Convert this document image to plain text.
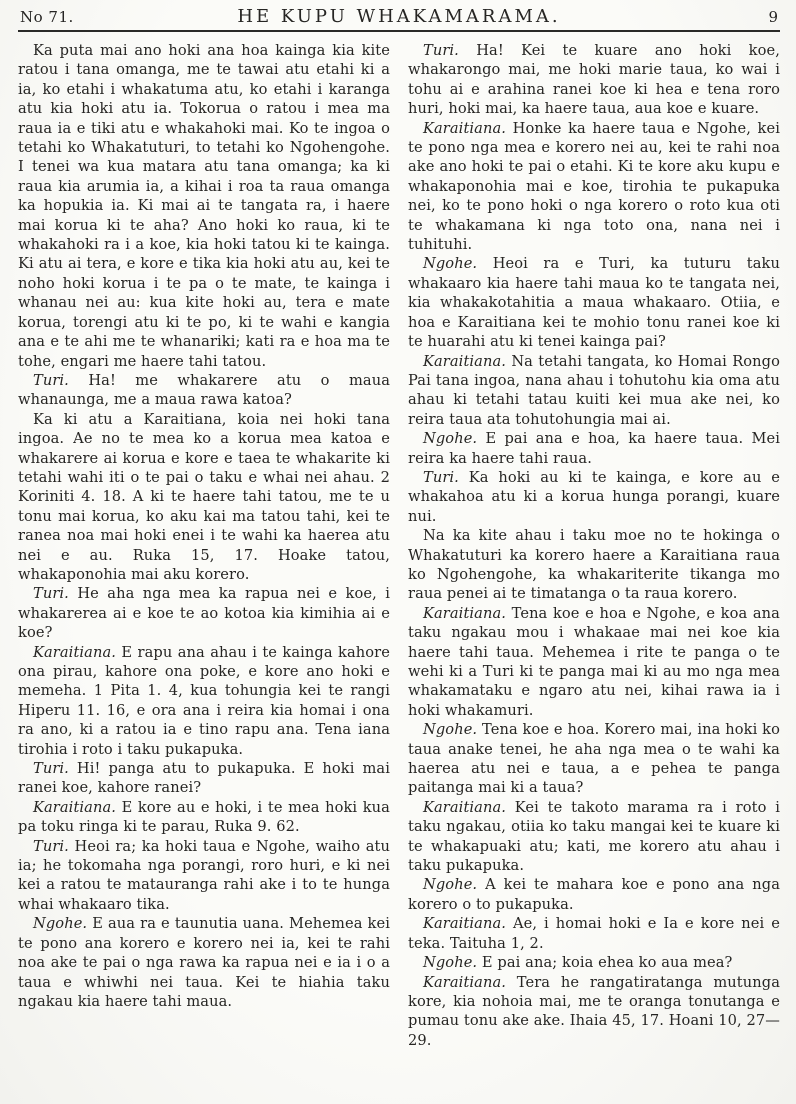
No 71.	HE KUPU WHAKAMARAMA.	9

Ka puta mai ano hoki ana hoa kainga kia kite ratou i tana omanga, me te tawai atu etahi ki a ia, ko etahi i whakatuma atu, ko etahi i karanga atu kia hoki atu ia. Tokorua o ratou i mea ma raua ia e tiki atu e whakahoki mai. Ko te ingoa o tetahi ko Whakatuturi, to tetahi ko Ngohengohe. I tenei wa kua matara atu tana omanga; ka ki raua kia arumia ia, a kihai i roa ta raua omanga ka hopukia ia. Ki mai ai te tangata ra, i haere mai korua ki te aha? Ano hoki ko raua, ki te whakahoki ra i a koe, kia hoki tatou ki te kainga. Ki atu ai tera, e kore e tika kia hoki atu au, kei te noho hoki korua i te pa o te mate, te kainga i whanau nei au: kua kite hoki au, tera e mate korua, torengi atu ki te po, ki te wahi e kangia ana e te ahi me te whanariki; kati ra e hoa ma te tohe, engari me haere tahi tatou.

Turi. Ha! me whakarere atu o maua whanaunga, me a maua rawa katoa?

Ka ki atu a Karaitiana, koia nei hoki tana ingoa. Ae no te mea ko a korua mea katoa e whakarere ai korua e kore e taea te whakarite ki tetahi wahi iti o te pai o taku e whai nei ahau. 2 Koriniti 4. 18. A ki te haere tahi tatou, me te u tonu mai korua, ko aku kai ma tatou tahi, kei te ranea noa mai hoki enei i te wahi ka haerea atu nei e au. Ruka 15, 17. Hoake tatou, whakaponohia mai aku korero.

Turi. He aha nga mea ka rapua nei e koe, i whakarerea ai e koe te ao kotoa kia kimihia ai e koe?

Karaitiana. E rapu ana ahau i te kainga kahore ona pirau, kahore ona poke, e kore ano hoki e memeha. 1 Pita 1. 4, kua tohungia kei te rangi Hiperu 11. 16, e ora ana i reira kia homai i ona ra ano, ki a ratou ia e tino rapu ana. Tena iana tirohia i roto i taku pukapuka.

Turi. Hi! panga atu to pukapuka. E hoki mai ranei koe, kahore ranei?

Karaitiana. E kore au e hoki, i te mea hoki kua pa toku ringa ki te parau, Ruka 9. 62.

Turi. Heoi ra; ka hoki taua e Ngohe, waiho atu ia; he tokomaha nga porangi, roro huri, e ki nei kei a ratou te matauranga rahi ake i to te hunga whai whakaaro tika.

Ngohe. E aua ra e taunutia uana. Mehemea kei te pono ana korero e korero nei ia, kei te rahi noa ake te pai o nga rawa ka rapua nei e ia i o a taua e whiwhi nei taua. Kei te hiahia taku ngakau kia haere tahi maua.

Turi. Ha! Kei te kuare ano hoki koe, whakarongo mai, me hoki marie taua, ko wai i tohu ai e arahina ranei koe ki hea e tena roro huri, hoki mai, ka haere taua, aua koe e kuare.

Karaitiana. Honke ka haere taua e Ngohe, kei te pono nga mea e korero nei au, kei te rahi noa ake ano hoki te pai o etahi. Ki te kore aku kupu e whakaponohia mai e koe, tirohia te pukapuka nei, ko te pono hoki o nga korero o roto kua oti te whakamana ki nga toto ona, nana nei i tuhituhi.

Ngohe. Heoi ra e Turi, ka tuturu taku whakaaro kia haere tahi maua ko te tangata nei, kia whakakotahitia a maua whakaaro. Otiia, e hoa e Karaitiana kei te mohio tonu ranei koe ki te huarahi atu ki tenei kainga pai?

Karaitiana. Na tetahi tangata, ko Homai Rongo Pai tana ingoa, nana ahau i tohutohu kia oma atu ahau ki tetahi tatau kuiti kei mua ake nei, ko reira taua ata tohutohungia mai ai.

Ngohe. E pai ana e hoa, ka haere taua. Mei reira ka haere tahi raua.

Turi. Ka hoki au ki te kainga, e kore au e whakahoa atu ki a korua hunga porangi, kuare nui.

Na ka kite ahau i taku moe no te hokinga o Whakatuturi ka korero haere a Karaitiana raua ko Ngohengohe, ka whakariterite tikanga mo raua penei ai te timatanga o ta raua korero.

Karaitiana. Tena koe e hoa e Ngohe, e koa ana taku ngakau mou i whakaae mai nei koe kia haere tahi taua. Mehemea i rite te panga o te wehi ki a Turi ki te panga mai ki au mo nga mea whakamataku e ngaro atu nei, kihai rawa ia i hoki whakamuri.

Ngohe. Tena koe e hoa. Korero mai, ina hoki ko taua anake tenei, he aha nga mea o te wahi ka haerea atu nei e taua, a e pehea te panga paitanga mai ki a taua?

Karaitiana. Kei te takoto marama ra i roto i taku ngakau, otiia ko taku mangai kei te kuare ki te whakapuaki atu; kati, me korero atu ahau i taku pukapuka.

Ngohe. A kei te mahara koe e pono ana nga korero o to pukapuka.

Karaitiana. Ae, i homai hoki e Ia e kore nei e teka. Taituha 1, 2.

Ngohe. E pai ana; koia ehea ko aua mea?

Karaitiana. Tera he rangatiratanga mutunga kore, kia nohoia mai, me te oranga tonutanga e pumau tonu ake ake. Ihaia 45, 17. Hoani 10, 27—29.
